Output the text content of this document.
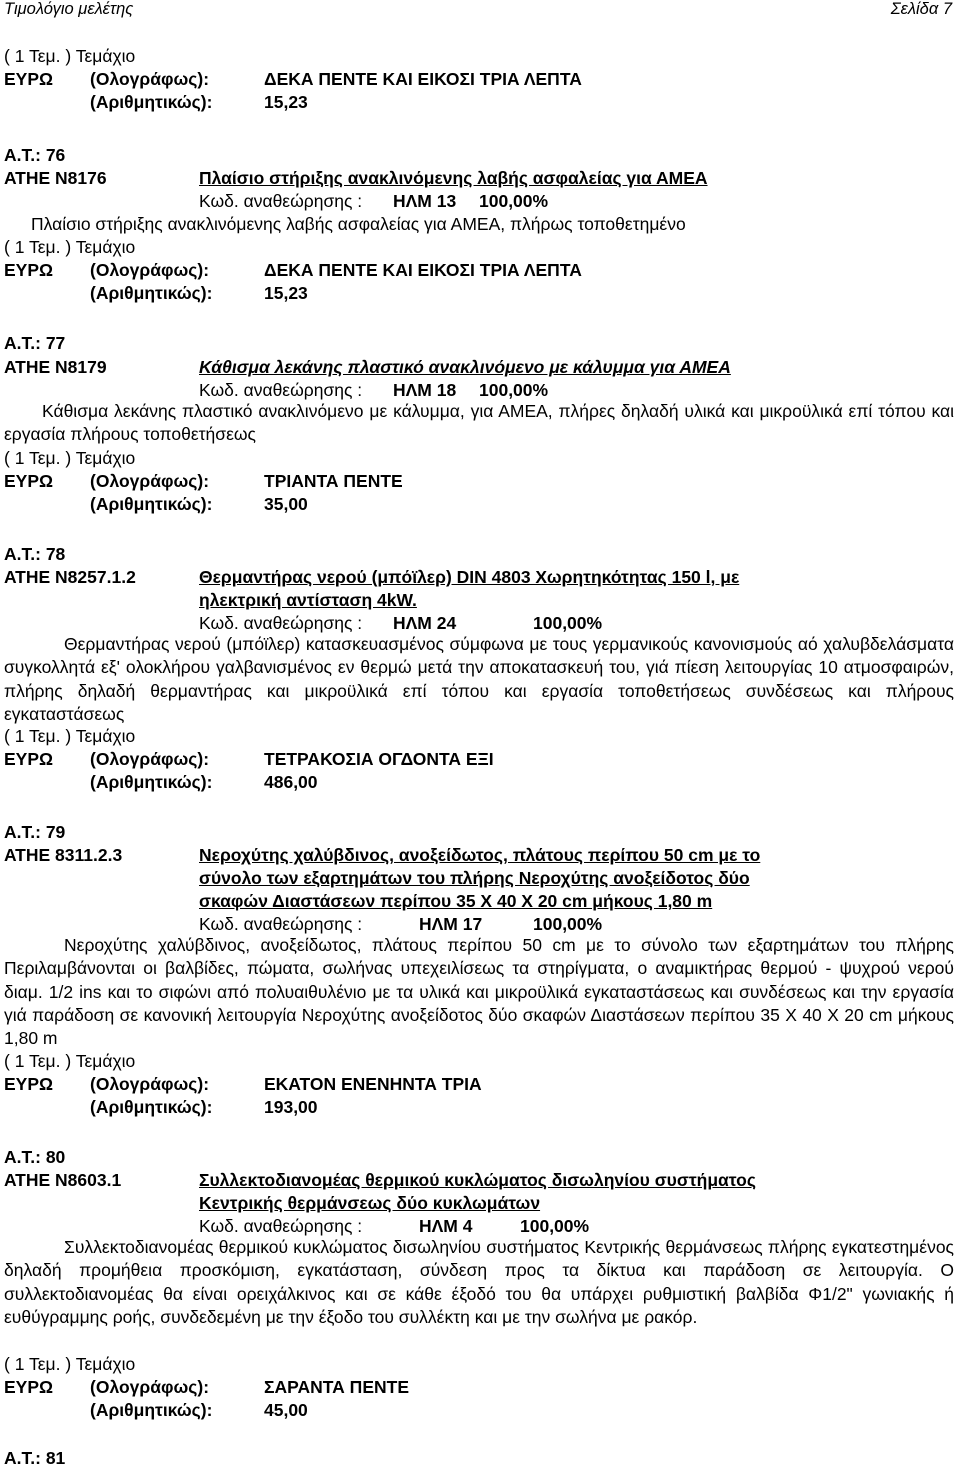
Τιμολόγιο μελέτης	Σελίδα 7
( 1 Τεμ. ) Τεμάχιο
ΕΥΡΩ (Ολογράφως):	ΔΕΚΑ ΠΕΝΤΕ ΚΑΙ ΕΙΚΟΣΙ ΤΡΙΑ ΛΕΠΤΑ
(Αριθμητικώς):	15,23
Α.Τ.: 76
ΑΤΗΕ Ν8176	Πλαίσιο στήριξης ανακλινόμενης λαβής ασφαλείας για ΑΜΕΑ
Κωδ. αναθεώρησης : ΗΛΜ 13 100,00%
Πλαίσιο στήριξης ανακλινόμενης λαβής ασφαλείας για ΑΜΕΑ, πλήρως τοποθετημένο
( 1 Τεμ. ) Τεμάχιο
ΕΥΡΩ (Ολογράφως):	ΔΕΚΑ ΠΕΝΤΕ ΚΑΙ ΕΙΚΟΣΙ ΤΡΙΑ ΛΕΠΤΑ
(Αριθμητικώς):	15,23
Α.Τ.: 77
ΑΤΗΕ Ν8179	Κάθισμα λεκάνης πλαστικό ανακλινόμενο με κάλυμμα για ΑΜΕΑ
Κωδ. αναθεώρησης : ΗΛΜ 18 100,00%
Κάθισμα λεκάνης πλαστικό ανακλινόμενο με κάλυμμα, για ΑΜΕΑ, πλήρες δηλαδή υλικά και μικροϋλικά επί τόπου και εργασία πλήρους τοποθετήσεως
( 1 Τεμ. ) Τεμάχιο
ΕΥΡΩ (Ολογράφως):	ΤΡΙΑΝΤΑ ΠΕΝΤΕ
(Αριθμητικώς):	35,00
Α.Τ.: 78
ΑΤΗΕ Ν8257.1.2	Θερμαντήρας νερού (μπόϊλερ) DIN 4803 Χωρητηκότητας 150 l, με
ηλεκτρική αντίσταση 4kW.
Κωδ. αναθεώρησης : ΗΛΜ 24	100,00%
Θερμαντήρας νερού (μπόϊλερ) κατασκευασμένος σύμφωνα με τους γερμανικούς κανονισμούς αό χαλυβδελάσματα συγκολλητά εξ' ολοκλήρου γαλβανισμένος εν θερμώ μετά την αποκατασκευή του, γιά πίεση λειτουργίας 10 ατμοσφαιρών, πλήρης δηλαδή θερμαντήρας και μικροϋλικά επί τόπου και εργασία τοποθετήσεως συνδέσεως και πλήρους εγκαταστάσεως
( 1 Τεμ. ) Τεμάχιο
ΕΥΡΩ (Ολογράφως):	ΤΕΤΡΑΚΟΣΙΑ ΟΓΔΟΝΤΑ ΕΞΙ
(Αριθμητικώς):	486,00
Α.Τ.: 79
ΑΤΗΕ 8311.2.3	Νεροχύτης χαλύβδινος, ανοξείδωτος, πλάτους περίπου 50 cm με το
σύνολο των εξαρτημάτων του πλήρης Νεροχύτης ανοξείδοτος δύο
σκαφών Διαστάσεων περίπου 35 Χ 40 Χ 20 cm μήκους 1,80 m
Κωδ. αναθεώρησης :	ΗΛΜ 17	100,00%
Νεροχύτης χαλύβδινος, ανοξείδωτος, πλάτους περίπου 50 cm με το σύνολο των εξαρτημάτων του πλήρης Περιλαμβάνονται οι βαλβίδες, πώματα, σωλήνας υπεχειλίσεως τα στηρίγματα, ο αναμικτήρας θερμού - ψυχρού νερού διαμ. 1/2 ins και το σιφώνι από πολυαιθυλένιο με τα υλικά και μικροϋλικά εγκαταστάσεως και συνδέσεως και την εργασία γιά παράδοση σε κανονική λειτουργία Νεροχύτης ανοξείδοτος δύο σκαφών Διαστάσεων περίπου 35 Χ 40 Χ 20 cm μήκους 1,80 m
( 1 Τεμ. ) Τεμάχιο
ΕΥΡΩ (Ολογράφως):	ΕΚΑΤΟΝ ΕΝΕΝΗΝΤΑ ΤΡΙΑ
(Αριθμητικώς):	193,00
Α.Τ.: 80
ΑΤΗΕ Ν8603.1	Συλλεκτοδιανομέας θερμικού κυκλώματος δισωληνίου συστήματος
Κεντρικής θερμάνσεως δύο κυκλωμάτων
Κωδ. αναθεώρησης :	ΗΛΜ 4	100,00%
Συλλεκτοδιανομέας θερμικού κυκλώματος δισωληνίου συστήματος Κεντρικής θερμάνσεως πλήρης εγκατεστημένος δηλαδή προμήθεια προσκόμιση, εγκατάσταση, σύνδεση προς τα δίκτυα και παράδοση σε λειτουργία. Ο συλλεκτοδιανομέας θα είναι ορειχάλκινος και σε κάθε έξοδό του θα υπάρχει ρυθμιστική βαλβίδα Φ1/2" γωνιακής ή ευθύγραμμης ροής, συνδεδεμένη με την έξοδο του συλλέκτη και με την σωλήνα με ρακόρ.
( 1 Τεμ. ) Τεμάχιο
ΕΥΡΩ (Ολογράφως):	ΣΑΡΑΝΤΑ ΠΕΝΤΕ
(Αριθμητικώς):	45,00
Α.Τ.: 81
